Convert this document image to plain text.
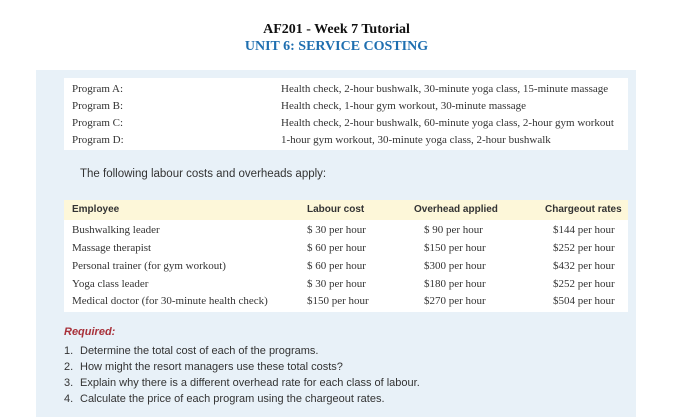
AF201 - Week 7 Tutorial
UNIT 6: SERVICE COSTING
Program A:	Health check, 2-hour bushwalk, 30-minute yoga class, 15-minute massage
Program B:	Health check, 1-hour gym workout, 30-minute massage
Program C:	Health check, 2-hour bushwalk, 60-minute yoga class, 2-hour gym workout
Program D:	1-hour gym workout, 30-minute yoga class, 2-hour bushwalk
The following labour costs and overheads apply:
Employee	Labour cost	Overhead applied	Chargeout rates
Bushwalking leader	$ 30 per hour	$ 90 per hour	$144 per hour
Massage therapist	$ 60 per hour	$150 per hour	$252 per hour
Personal trainer (for gym workout)	$ 60 per hour	$300 per hour	$432 per hour
Yoga class leader	$ 30 per hour	$180 per hour	$252 per hour
Medical doctor (for 30-minute health check)	$150 per hour	$270 per hour	$504 per hour
Required:
1. Determine the total cost of each of the programs.
2. How might the resort managers use these total costs?
3. Explain why there is a different overhead rate for each class of labour.
4. Calculate the price of each program using the chargeout rates.
